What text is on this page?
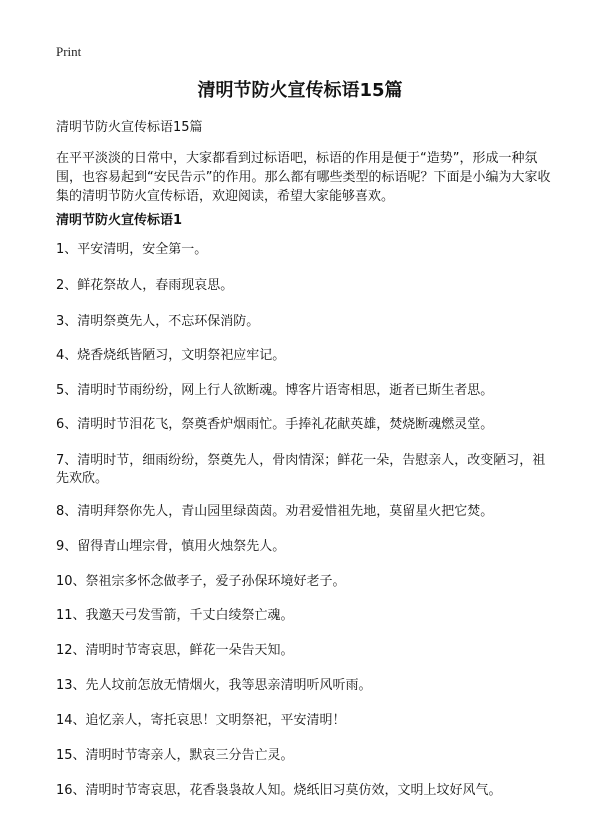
Print
清明节防火宣传标语15篇
清明节防火宣传标语15篇

在平平淡淡的日常中，大家都看到过标语吧，标语的作用是便于“造势”，形成一种氛围，也容易起到“安民告示”的作用。那么都有哪些类型的标语呢？下面是小编为大家收集的清明节防火宣传标语，欢迎阅读，希望大家能够喜欢。

清明节防火宣传标语1
1、平安清明，安全第一。
2、鲜花祭故人，春雨现哀思。
3、清明祭奠先人，不忘环保消防。
4、烧香烧纸皆陋习，文明祭祀应牢记。
5、清明时节雨纷纷，网上行人欲断魂。博客片语寄相思，逝者已斯生者思。
6、清明时节泪花飞，祭奠香炉烟雨忙。手捧礼花献英雄，焚烧断魂燃灵堂。
7、清明时节，细雨纷纷，祭奠先人，骨肉情深；鲜花一朵，告慰亲人，改变陋习，祖先欢欣。
8、清明拜祭你先人，青山园里绿茵茵。劝君爱惜祖先地，莫留星火把它焚。
9、留得青山埋宗骨，慎用火烛祭先人。
10、祭祖宗多怀念做孝子，爱子孙保环境好老子。
11、我邀天弓发雪箭，千丈白绫祭亡魂。
12、清明时节寄哀思，鲜花一朵告天知。
13、先人坟前怎放无情烟火，我等思亲清明听风听雨。
14、追忆亲人，寄托哀思！文明祭祀，平安清明！
15、清明时节寄亲人，默哀三分告亡灵。
16、清明时节寄哀思，花香袅袅故人知。烧纸旧习莫仿效，文明上坟好风气。
